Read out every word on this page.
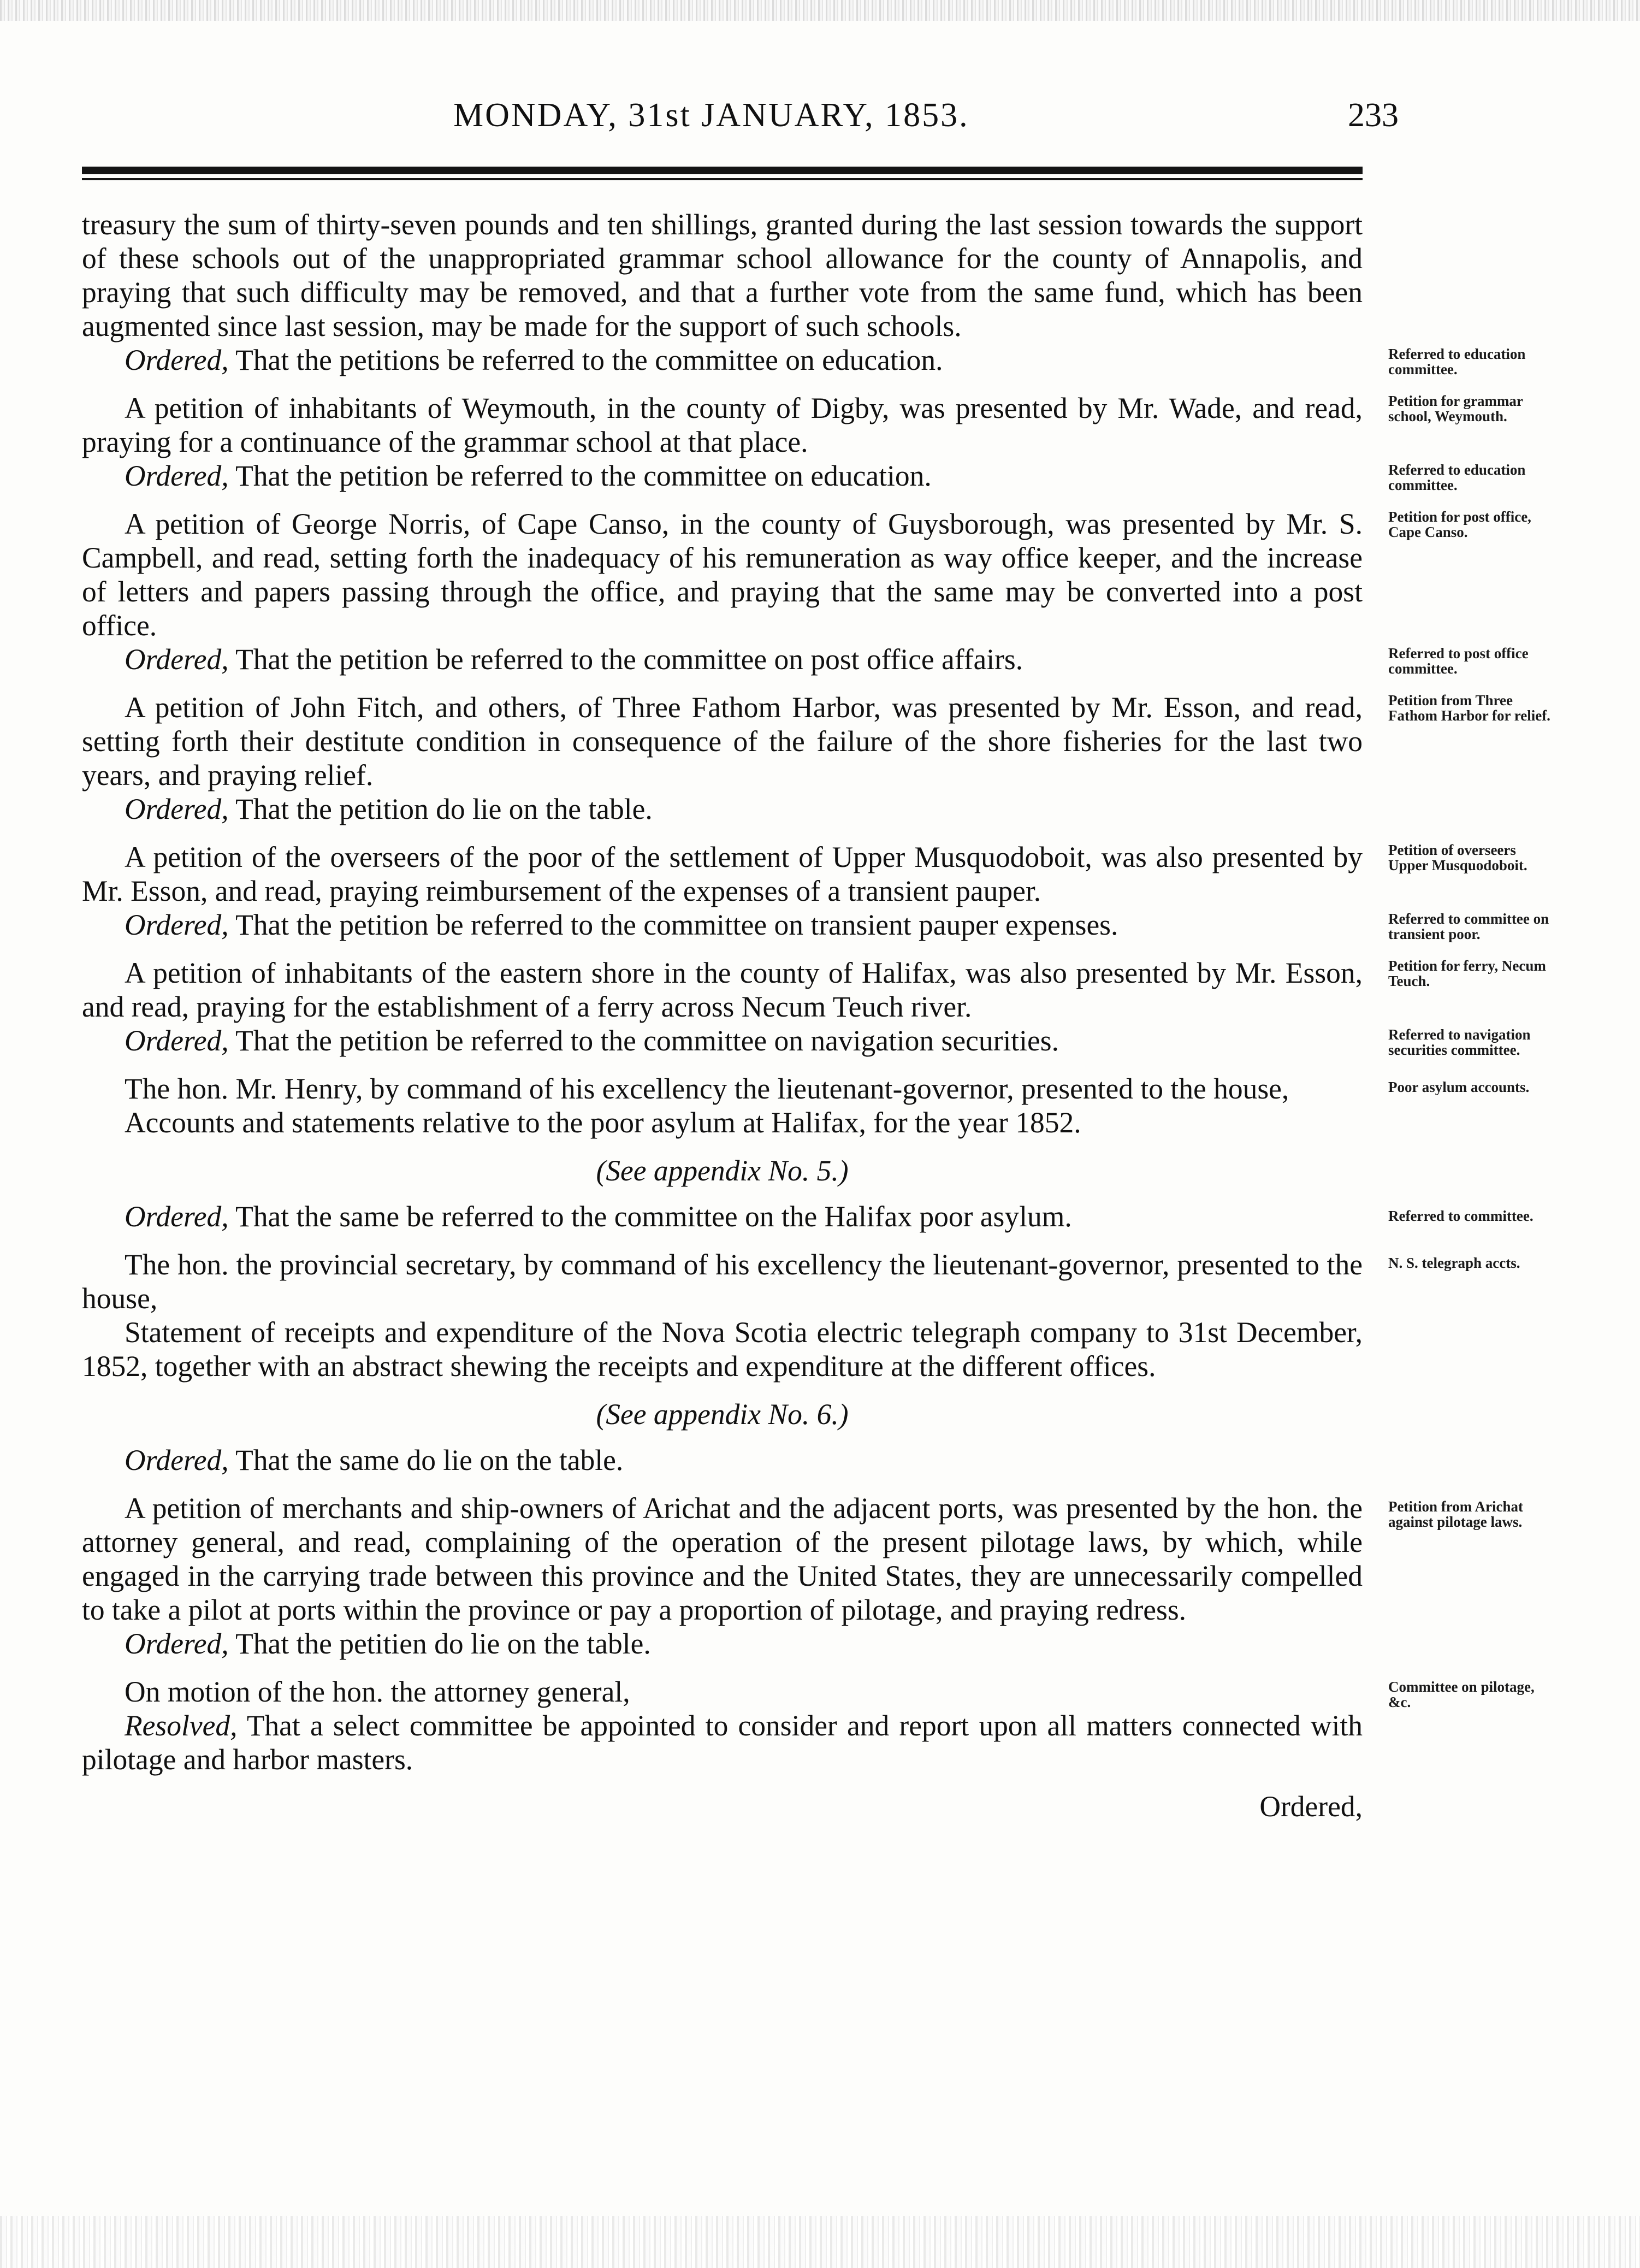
MONDAY, 31st JANUARY, 1853.	233

treasury the sum of thirty-seven pounds and ten shillings, granted during the last session towards the support of these schools out of the unappropriated grammar school allowance for the county of Annapolis, and praying that such difficulty may be removed, and that a further vote from the same fund, which has been augmented since last session, may be made for the support of such schools.

Ordered, That the petitions be referred to the committee on education.	Referred to education committee.

A petition of inhabitants of Weymouth, in the county of Digby, was presented by Mr. Wade, and read, praying for a continuance of the grammar school at that place.
Petition for grammar school, Weymouth.

Ordered, That the petition be referred to the committee on education.	Referred to education committee.

A petition of George Norris, of Cape Canso, in the county of Guysborough, was presented by Mr. S. Campbell, and read, setting forth the inadequacy of his remuneration as way office keeper, and the increase of letters and papers passing through the office, and praying that the same may be converted into a post office.
Petition for post office, Cape Canso.

Ordered, That the petition be referred to the committee on post office affairs.	Referred to post office committee.

A petition of John Fitch, and others, of Three Fathom Harbor, was presented by Mr. Esson, and read, setting forth their destitute condition in consequence of the failure of the shore fisheries for the last two years, and praying relief.
Petition from Three Fathom Harbor for relief.

Ordered, That the petition do lie on the table.

A petition of the overseers of the poor of the settlement of Upper Musquodoboit, was also presented by Mr. Esson, and read, praying reimbursement of the expenses of a transient pauper.
Petition of overseers Upper Musquodoboit.

Ordered, That the petition be referred to the committee on transient pauper expenses.	Referred to committee on transient poor.

A petition of inhabitants of the eastern shore in the county of Halifax, was also presented by Mr. Esson, and read, praying for the establishment of a ferry across Necum Teuch river.
Petition for ferry, Necum Teuch.

Ordered, That the petition be referred to the committee on navigation securities.	Referred to navigation securities committee.

The hon. Mr. Henry, by command of his excellency the lieutenant-governor, presented to the house,	Poor asylum accounts.

Accounts and statements relative to the poor asylum at Halifax, for the year 1852.

(See appendix No. 5.)

Ordered, That the same be referred to the committee on the Halifax poor asylum.	Referred to committee.

The hon. the provincial secretary, by command of his excellency the lieutenant-governor, presented to the house,
N. S. telegraph accts.

Statement of receipts and expenditure of the Nova Scotia electric telegraph company to 31st December, 1852, together with an abstract shewing the receipts and expenditure at the different offices.

(See appendix No. 6.)

Ordered, That the same do lie on the table.

A petition of merchants and ship-owners of Arichat and the adjacent ports, was presented by the hon. the attorney general, and read, complaining of the operation of the present pilotage laws, by which, while engaged in the carrying trade between this province and the United States, they are unnecessarily compelled to take a pilot at ports within the province or pay a proportion of pilotage, and praying redress.
Petition from Arichat against pilotage laws.

Ordered, That the petitien do lie on the table.

On motion of the hon. the attorney general,	Committee on pilotage, &c.

Resolved, That a select committee be appointed to consider and report upon all matters connected with pilotage and harbor masters.

Ordered,
